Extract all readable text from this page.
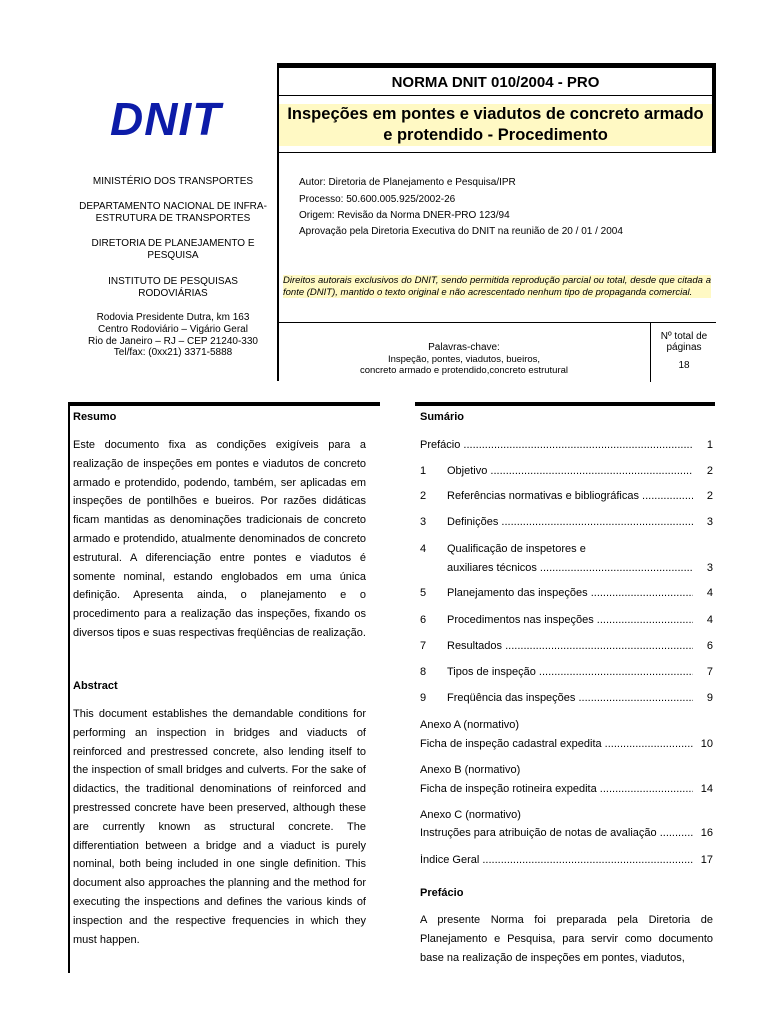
DNIT
MINISTÉRIO DOS TRANSPORTES
DEPARTAMENTO NACIONAL DE INFRA-ESTRUTURA DE TRANSPORTES
DIRETORIA DE PLANEJAMENTO E PESQUISA
INSTITUTO DE PESQUISAS RODOVIÁRIAS
Rodovia Presidente Dutra, km 163
Centro Rodoviário – Vigário Geral
Rio de Janeiro – RJ – CEP 21240-330
Tel/fax: (0xx21) 3371-5888
NORMA DNIT 010/2004 - PRO
Inspeções em pontes e viadutos de concreto armado e protendido - Procedimento
Autor: Diretoria de Planejamento e Pesquisa/IPR
Processo: 50.600.005.925/2002-26
Origem: Revisão da Norma DNER-PRO 123/94
Aprovação pela Diretoria Executiva do DNIT na reunião de 20 / 01 / 2004
Direitos autorais exclusivos do DNIT, sendo permitida reprodução parcial ou total, desde que citada a fonte (DNIT), mantido o texto original e não acrescentado nenhum tipo de propaganda comercial.
Palavras-chave:
Inspeção, pontes, viadutos, bueiros,
concreto armado e protendido,concreto estrutural
Nº total de páginas
18
Resumo
Este documento fixa as condições exigíveis para a realização de inspeções em pontes e viadutos de concreto armado e protendido, podendo, também, ser aplicadas em inspeções de pontilhões e bueiros. Por razões didáticas ficam mantidas as denominações tradicionais de concreto armado e protendido, atualmente denominados de concreto estrutural. A diferenciação entre pontes e viadutos é somente nominal, estando englobados em uma única definição. Apresenta ainda, o planejamento e o procedimento para a realização das inspeções, fixando os diversos tipos e suas respectivas freqüências de realização.
Abstract
This document establishes the demandable conditions for performing an inspection in bridges and viaducts of reinforced and prestressed concrete, also lending itself to the inspection of small bridges and culverts. For the sake of didactics, the traditional denominations of reinforced and prestressed concrete have been preserved, although these are currently known as structural concrete. The differentiation between a bridge and a viaduct is purely nominal, both being included in one single definition. This document also approaches the planning and the method for executing the inspections and defines the various kinds of inspection and the respective frequencies in which they must happen.
Sumário
Prefácio .....	1
1 Objetivo .....	2
2 Referências normativas e bibliográficas .....	2
3 Definições .....	3
4 Qualificação de inspetores e
auxiliares técnicos .....	3
5 Planejamento das inspeções .....	4
6 Procedimentos nas inspeções .....	4
7 Resultados .....	6
8 Tipos de inspeção .....	7
9 Freqüência das inspeções .....	9
Anexo A (normativo)
Ficha de inspeção cadastral expedita .....	10
Anexo B (normativo)
Ficha de inspeção rotineira expedita .....	14
Anexo C (normativo)
Instruções para atribuição de notas de avaliação .....	16
Índice Geral .....	17
Prefácio
A presente Norma foi preparada pela Diretoria de Planejamento e Pesquisa, para servir como documento base na realização de inspeções em pontes, viadutos,
